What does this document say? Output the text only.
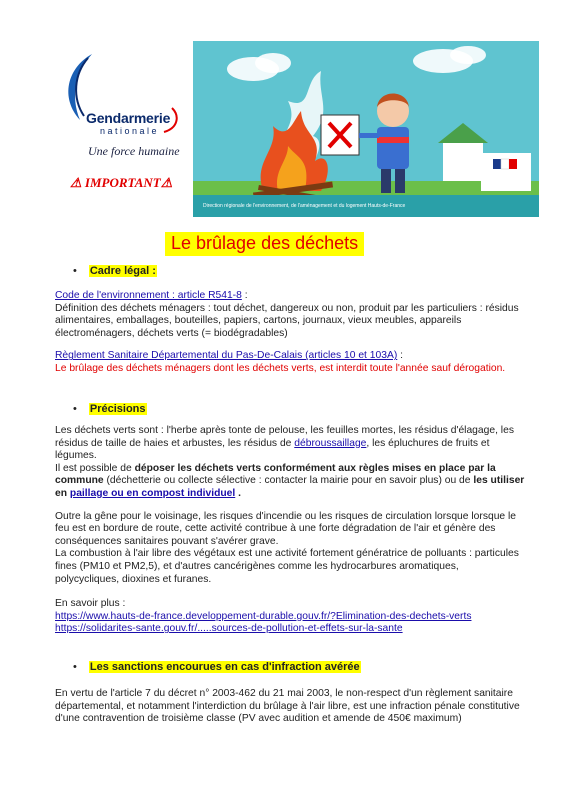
Gendarmerie
nationale
Une force humaine
⚠ IMPORTANT⚠
Direction régionale de l'environnement, de l'aménagement et du logement Hauts-de-France
Le brûlage des déchets
• Cadre légal :
Code de l'environnement : article R541-8 :
Définition des déchets ménagers : tout déchet, dangereux ou non, produit par les particuliers : résidus alimentaires, emballages, bouteilles, papiers, cartons, journaux, vieux meubles, appareils électroménagers, déchets verts (= biodégradables)
Règlement Sanitaire Départemental du Pas-De-Calais (articles 10 et 103A) :
Le brûlage des déchets ménagers dont les déchets verts, est interdit toute l'année sauf dérogation.
• Précisions
Les déchets verts sont : l'herbe après tonte de pelouse, les feuilles mortes, les résidus d'élagage, les résidus de taille de haies et arbustes, les résidus de débroussaillage, les épluchures de fruits et légumes.
Il est possible de déposer les déchets verts conformément aux règles mises en place par la commune (déchetterie ou collecte sélective : contacter la mairie pour en savoir plus) ou de les utiliser en paillage ou en compost individuel .
Outre la gêne pour le voisinage, les risques d'incendie ou les risques de circulation lorsque lorsque le feu est en bordure de route, cette activité contribue à une forte dégradation de l'air et génère des conséquences sanitaires pouvant s'avérer grave.
La combustion à l'air libre des végétaux est une activité fortement génératrice de polluants : particules fines (PM10 et PM2,5), et d'autres cancérigènes comme les hydrocarbures aromatiques, polycycliques, dioxines et furanes.
En savoir plus :
https://www.hauts-de-france.developpement-durable.gouv.fr/?Elimination-des-dechets-verts
https://solidarites-sante.gouv.fr/.....sources-de-pollution-et-effets-sur-la-sante
• Les sanctions encourues en cas d'infraction avérée
En vertu de l'article 7 du décret n° 2003-462 du 21 mai 2003, le non-respect d'un règlement sanitaire départemental, et notamment l'interdiction du brûlage à l'air libre, est une infraction pénale constitutive d'une contravention de troisième classe (PV avec audition et amende de 450€ maximum)
